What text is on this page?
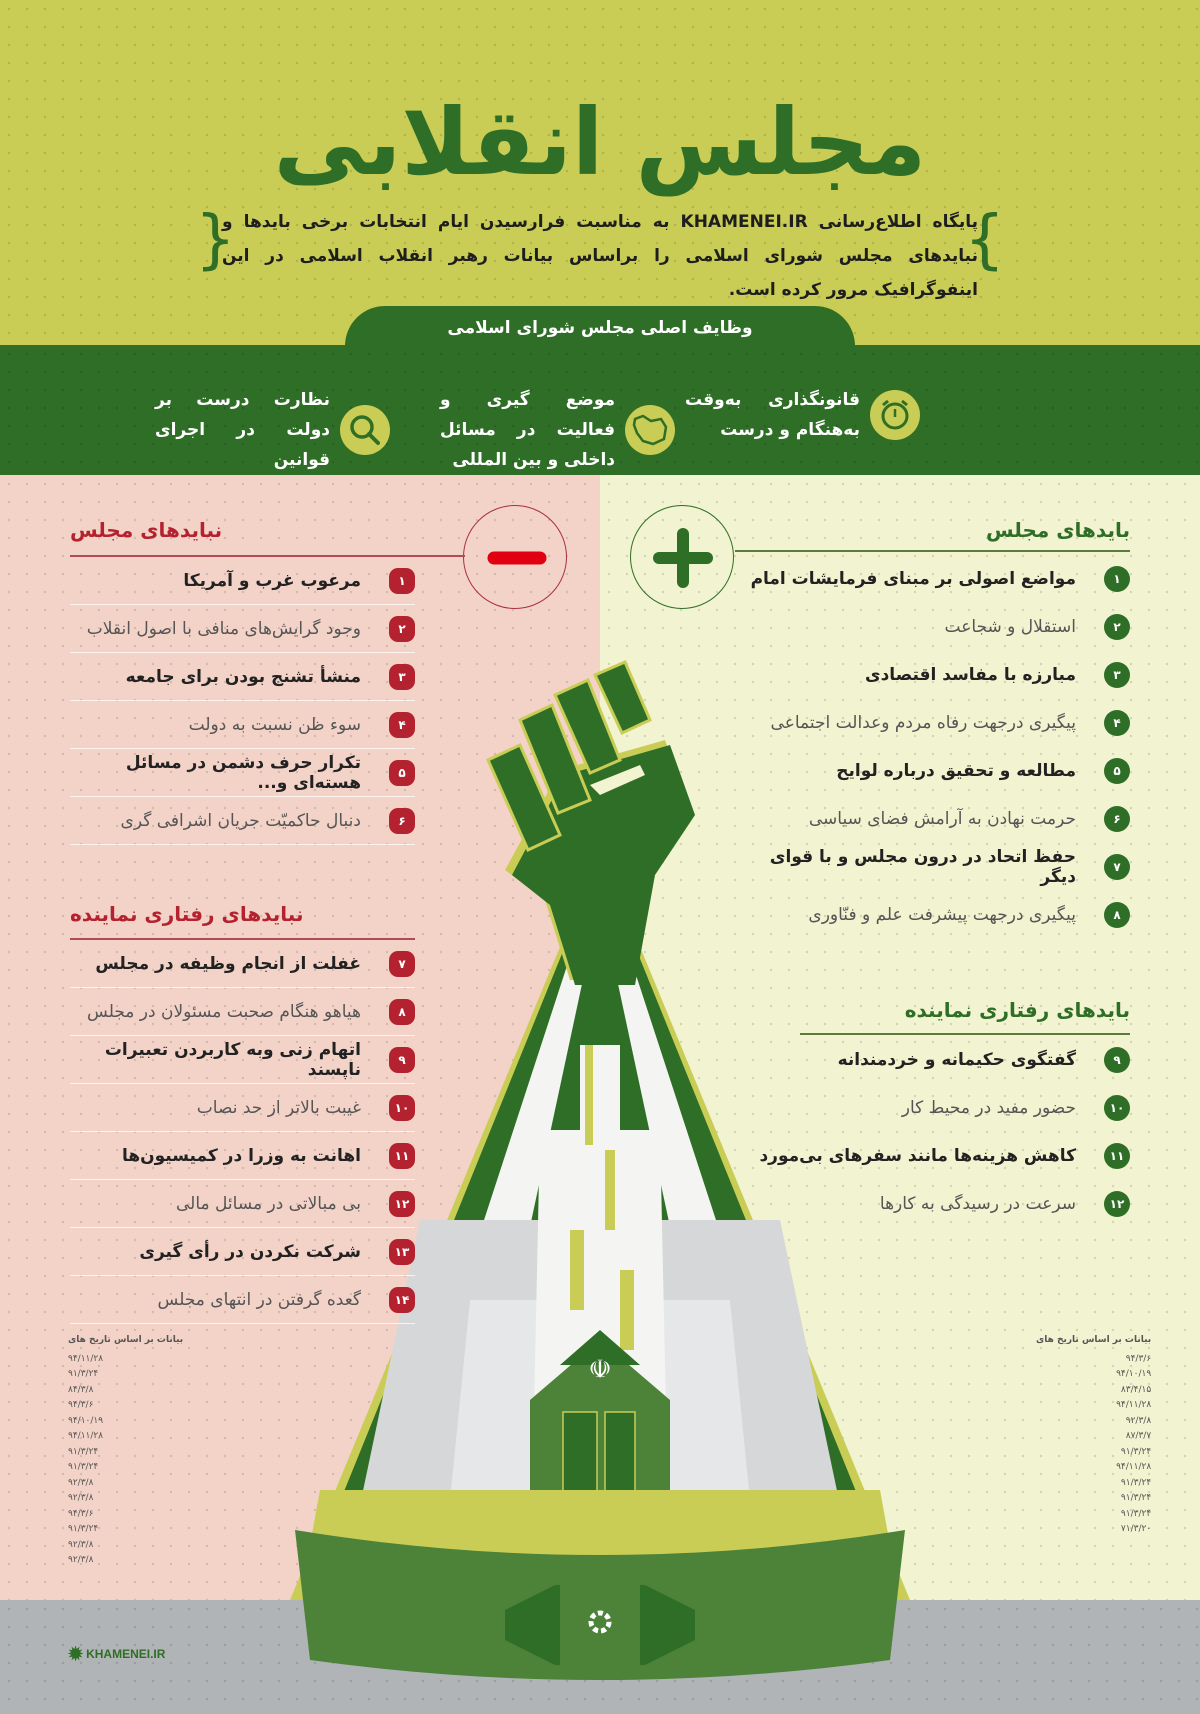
مجلس انقلابی
{
}
پایگاه اطلاع‌رسانی KHAMENEI.IR به مناسبت فرارسیدن ایام انتخابات برخی بایدها و نبایدهای مجلس شورای اسلامی را براساس بیانات رهبر انقلاب اسلامی در این اینفوگرافیک مرور کرده است.
وظایف اصلی مجلس شورای اسلامی
قانونگذاری به‌وقت به‌هنگام و درست
موضع گیری و فعالیت در مسائل داخلی و بین المللی
نظارت درست بر دولت در اجرای قوانین
☫
بایدهای مجلس
۱
مواضع اصولی بر مبنای فرمایشات امام
۲
استقلال و شجاعت
۳
مبارزه با مفاسد اقتصادی
۴
پیگیری درجهت رفاه مردم وعدالت اجتماعی
۵
مطالعه و تحقیق درباره لوایح
۶
حرمت نهادن به آرامش فضای سیاسی
۷
حفظ اتحاد در درون مجلس و با قوای دیگر
۸
پیگیری درجهت پیشرفت علم و فنّاوری
بایدهای رفتاری نماینده
۹
گفتگوی حکیمانه و خردمندانه
۱۰
حضور مفید در محیط کار
۱۱
کاهش هزینه‌ها مانند سفرهای بی‌مورد
۱۲
سرعت در رسیدگی به کارها
نبایدهای مجلس
۱
مرعوب غرب و آمریکا
۲
وجود گرایش‌های منافی با اصول انقلاب
۳
منشأ تشنج بودن برای جامعه
۴
سوء ظن نسبت به دولت
۵
تکرار حرف دشمن در مسائل هسته‌ای و...
۶
دنبال حاکمیّت جریان اشرافی گری
نبایدهای رفتاری نماینده
۷
غفلت از انجام وظیفه در مجلس
۸
هیاهو هنگام صحبت مسئولان در مجلس
۹
اتهام زنی وبه کاربردن تعبیرات ناپسند
۱۰
غیبت بالاتر از حد نصاب
۱۱
اهانت به وزرا در کمیسیون‌ها
۱۲
بی مبالاتی در مسائل مالی
۱۳
شرکت نکردن در رأی گیری
۱۴
گعده گرفتن در انتهای مجلس
بیانات بر اساس تاریخ های
۹۴/۱۱/۲۸
۹۱/۳/۲۴
۸۴/۳/۸
۹۴/۳/۶
۹۴/۱۰/۱۹
۹۴/۱۱/۲۸
۹۱/۳/۲۴
۹۱/۳/۲۴
۹۲/۳/۸
۹۲/۳/۸
۹۴/۳/۶
۹۱/۳/۲۴
۹۲/۳/۸
۹۲/۳/۸
بیانات بر اساس تاریخ های
۹۴/۳/۶
۹۴/۱۰/۱۹
۸۳/۴/۱۵
۹۴/۱۱/۲۸
۹۲/۳/۸
۸۷/۳/۷
۹۱/۳/۲۴
۹۴/۱۱/۲۸
۹۱/۳/۲۴
۹۱/۳/۲۴
۹۱/۳/۲۴
۷۱/۳/۲۰
✹ KHAMENEI.IR
